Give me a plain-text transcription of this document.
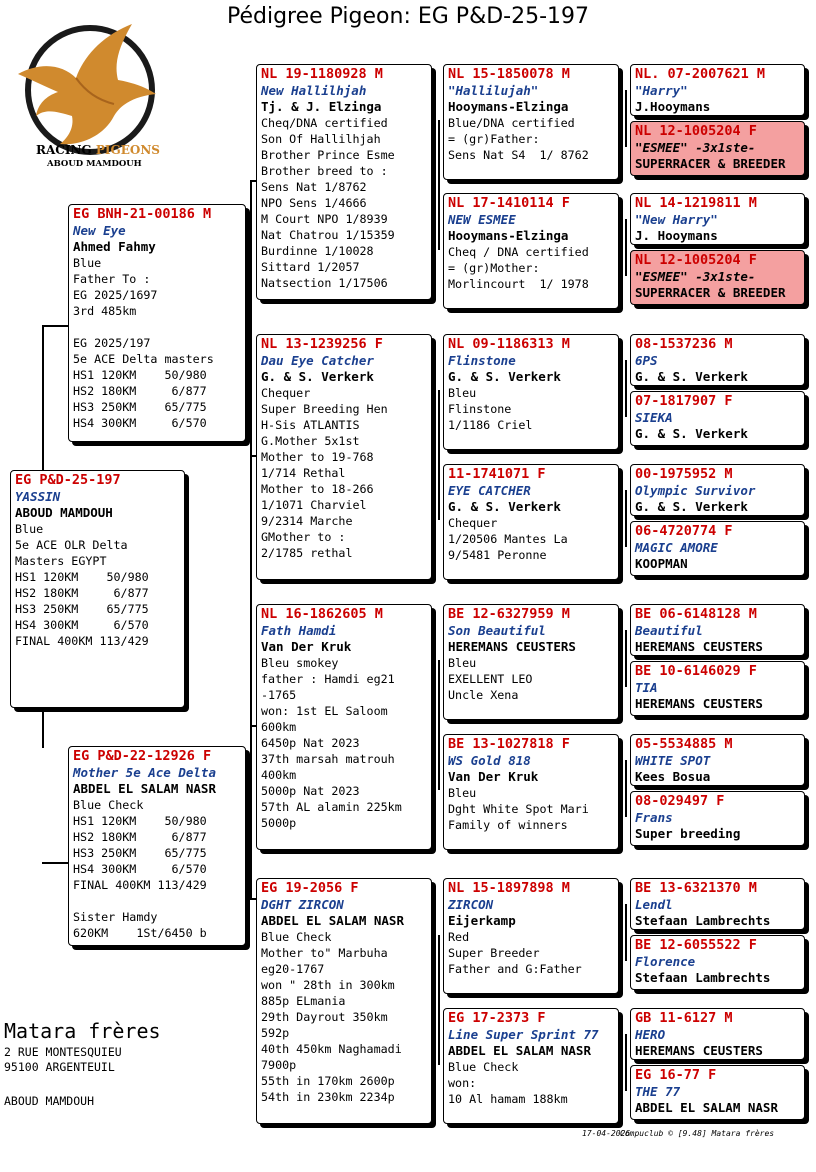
Pédigree Pigeon: EG P&D-25-197
RACING PIGEONS
ABOUD MAMDOUH
EG P&D-25-197
YASSIN
ABOUD MAMDOUH
Blue
5e ACE OLR Delta
Masters EGYPT
HS1 120KM    50/980
HS2 180KM     6/877
HS3 250KM    65/775
HS4 300KM     6/570
FINAL 400KM 113/429
EG BNH-21-00186 M
New Eye
Ahmed Fahmy
Blue
Father To :
EG 2025/1697
3rd 485km

EG 2025/197
5e ACE Delta masters
HS1 120KM    50/980
HS2 180KM     6/877
HS3 250KM    65/775
HS4 300KM     6/570
EG P&D-22-12926 F
Mother 5e Ace Delta
ABDEL EL SALAM NASR
Blue Check
HS1 120KM    50/980
HS2 180KM     6/877
HS3 250KM    65/775
HS4 300KM     6/570
FINAL 400KM 113/429

Sister Hamdy
620KM    1St/6450 b
NL 19-1180928 M
New Hallilhjah
Tj. & J. Elzinga
Cheq/DNA certified
Son Of Hallilhjah
Brother Prince Esme
Brother breed to :
Sens Nat 1/8762
NPO Sens 1/4666
M Court NPO 1/8939
Nat Chatrou 1/15359
Burdinne 1/10028
Sittard 1/2057
Natsection 1/17506
NL 13-1239256 F
Dau Eye Catcher
G. & S. Verkerk
Chequer
Super Breeding Hen
H-Sis ATLANTIS
G.Mother 5x1st
Mother to 19-768
1/714 Rethal
Mother to 18-266
1/1071 Charviel
9/2314 Marche
GMother to :
2/1785 rethal
NL 16-1862605 M
Fath Hamdi
Van Der Kruk
Bleu smokey
father : Hamdi eg21
-1765
won: 1st EL Saloom
600km
6450p Nat 2023
37th marsah matrouh
400km
5000p Nat 2023
57th AL alamin 225km
5000p
EG 19-2056 F
DGHT ZIRCON
ABDEL EL SALAM NASR
Blue Check
Mother to" Marbuha
eg20-1767
won " 28th in 300km
885p ELmania
29th Dayrout 350km
592p
40th 450km Naghamadi
7900p
55th in 170km 2600p
54th in 230km 2234p
NL 15-1850078 M
"Hallilujah"
Hooymans-Elzinga
Blue/DNA certified
= (gr)Father:
Sens Nat S4  1/ 8762
NL 17-1410114 F
NEW ESMEE
Hooymans-Elzinga
Cheq / DNA certified
= (gr)Mother:
Morlincourt  1/ 1978
NL 09-1186313 M
Flinstone
G. & S. Verkerk
Bleu
Flinstone
1/1186 Criel
11-1741071 F
EYE CATCHER
G. & S. Verkerk
Chequer
1/20506 Mantes La
9/5481 Peronne
BE 12-6327959 M
Son Beautiful
HEREMANS CEUSTERS
Bleu
EXELLENT LEO
Uncle Xena
BE 13-1027818 F
WS Gold 818
Van Der Kruk
Bleu
Dght White Spot Mari
Family of winners
NL 15-1897898 M
ZIRCON
Eijerkamp
Red
Super Breeder
Father and G:Father
EG 17-2373 F
Line Super Sprint 77
ABDEL EL SALAM NASR
Blue Check
won:
10 Al hamam 188km
NL. 07-2007621 M
"Harry"
J.Hooymans
NL 12-1005204 F
"ESMEE" -3x1ste-
SUPERRACER & BREEDER
NL 14-1219811 M
"New Harry"
J. Hooymans
NL 12-1005204 F
"ESMEE" -3x1ste-
SUPERRACER & BREEDER
08-1537236 M
6PS
G. & S. Verkerk
07-1817907 F
SIEKA
G. & S. Verkerk
00-1975952 M
Olympic Survivor
G. & S. Verkerk
06-4720774 F
MAGIC AMORE
KOOPMAN
BE 06-6148128 M
Beautiful
HEREMANS CEUSTERS
BE 10-6146029 F
TIA
HEREMANS CEUSTERS
05-5534885 M
WHITE SPOT
Kees Bosua
08-029497 F
Frans
Super breeding
BE 13-6321370 M
Lendl
Stefaan Lambrechts
BE 12-6055522 F
Florence
Stefaan Lambrechts
GB 11-6127 M
HERO
HEREMANS CEUSTERS
EG 16-77 F
THE 77
ABDEL EL SALAM NASR
Matara frères
2 RUE MONTESQUIEU
95100 ARGENTEUIL
ABOUD MAMDOUH
17-04-2026
Compuclub © [9.48] Matara frères
